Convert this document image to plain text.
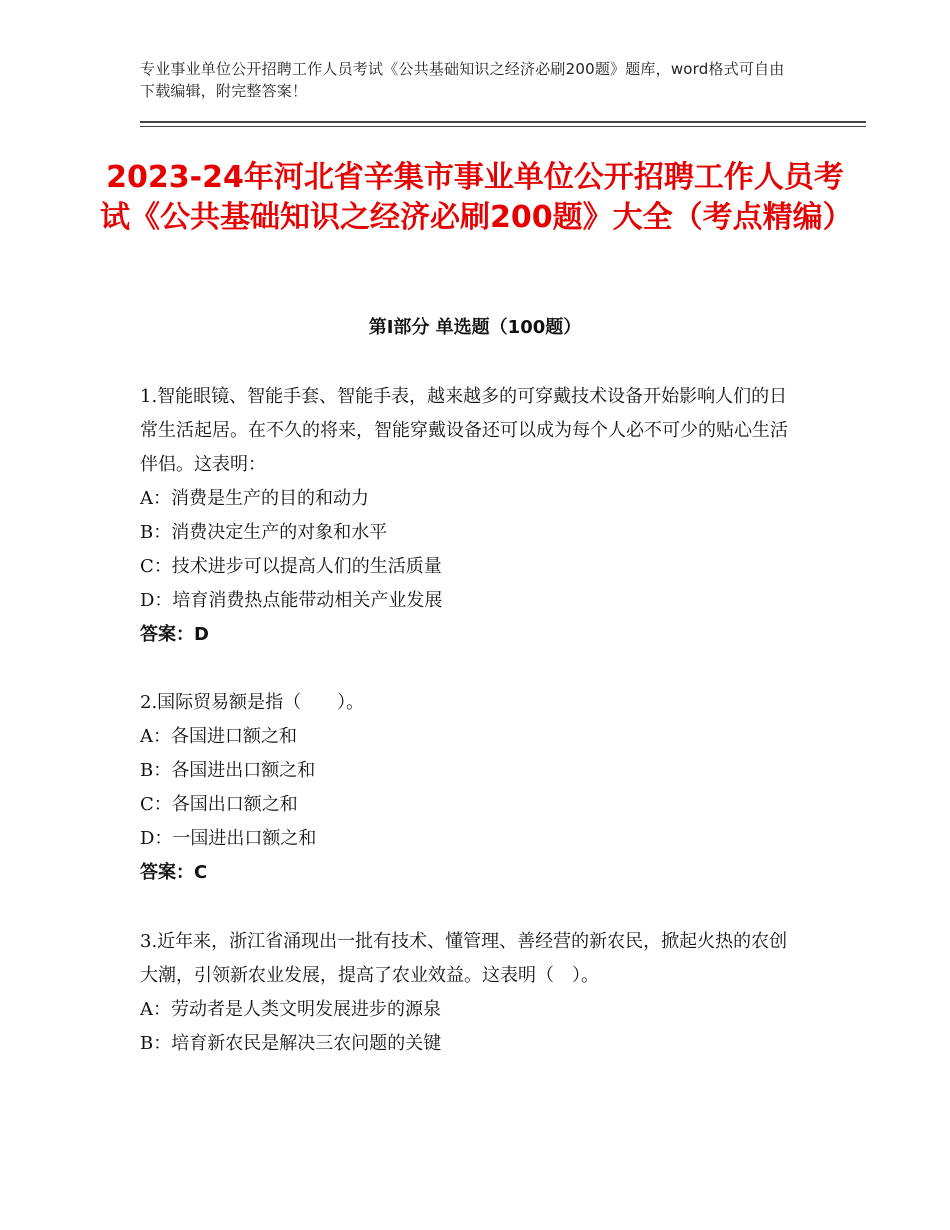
专业事业单位公开招聘工作人员考试《公共基础知识之经济必刷200题》题库，word格式可自由下载编辑，附完整答案！
2023-24年河北省辛集市事业单位公开招聘工作人员考试《公共基础知识之经济必刷200题》大全（考点精编）
第Ⅰ部分 单选题（100题）
1.智能眼镜、智能手套、智能手表，越来越多的可穿戴技术设备开始影响人们的日常生活起居。在不久的将来，智能穿戴设备还可以成为每个人必不可少的贴心生活伴侣。这表明：
A：消费是生产的目的和动力
B：消费决定生产的对象和水平
C：技术进步可以提高人们的生活质量
D：培育消费热点能带动相关产业发展
答案：D
2.国际贸易额是指（　　）。
A：各国进口额之和
B：各国进出口额之和
C：各国出口额之和
D：一国进出口额之和
答案：C
3.近年来，浙江省涌现出一批有技术、懂管理、善经营的新农民，掀起火热的农创大潮，引领新农业发展，提高了农业效益。这表明（　）。
A：劳动者是人类文明发展进步的源泉
B：培育新农民是解决三农问题的关键
